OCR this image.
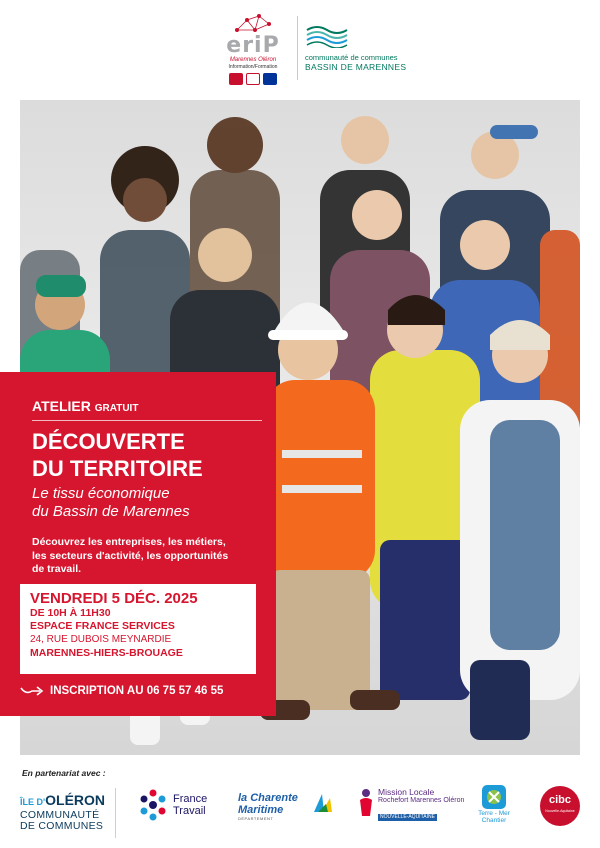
eriP
Marennes Oléron
Information/Formation
communauté de communes
BASSIN DE MARENNES
ATELIER GRATUIT
DÉCOUVERTE
DU TERRITOIRE
Le tissu économique
du Bassin de Marennes
Découvrez les entreprises, les métiers,
les secteurs d'activité, les opportunités
de travail.
VENDREDI 5 DÉC. 2025
DE 10H À 11H30
ESPACE FRANCE SERVICES
24, RUE DUBOIS MEYNARDIE
MARENNES-HIERS-BROUAGE
INSCRIPTION AU 06 75 57 46 55
En partenariat avec :
ÎLE D'OLÉRON
COMMUNAUTÉ
DE COMMUNES
France
Travail
la Charente
Maritime
DÉPARTEMENT
Mission Locale
Rochefort Marennes Oléron
NOUVELLE-AQUITAINE	Terre - Mer
Chantier
cibc
Nouvelle-Aquitaine
